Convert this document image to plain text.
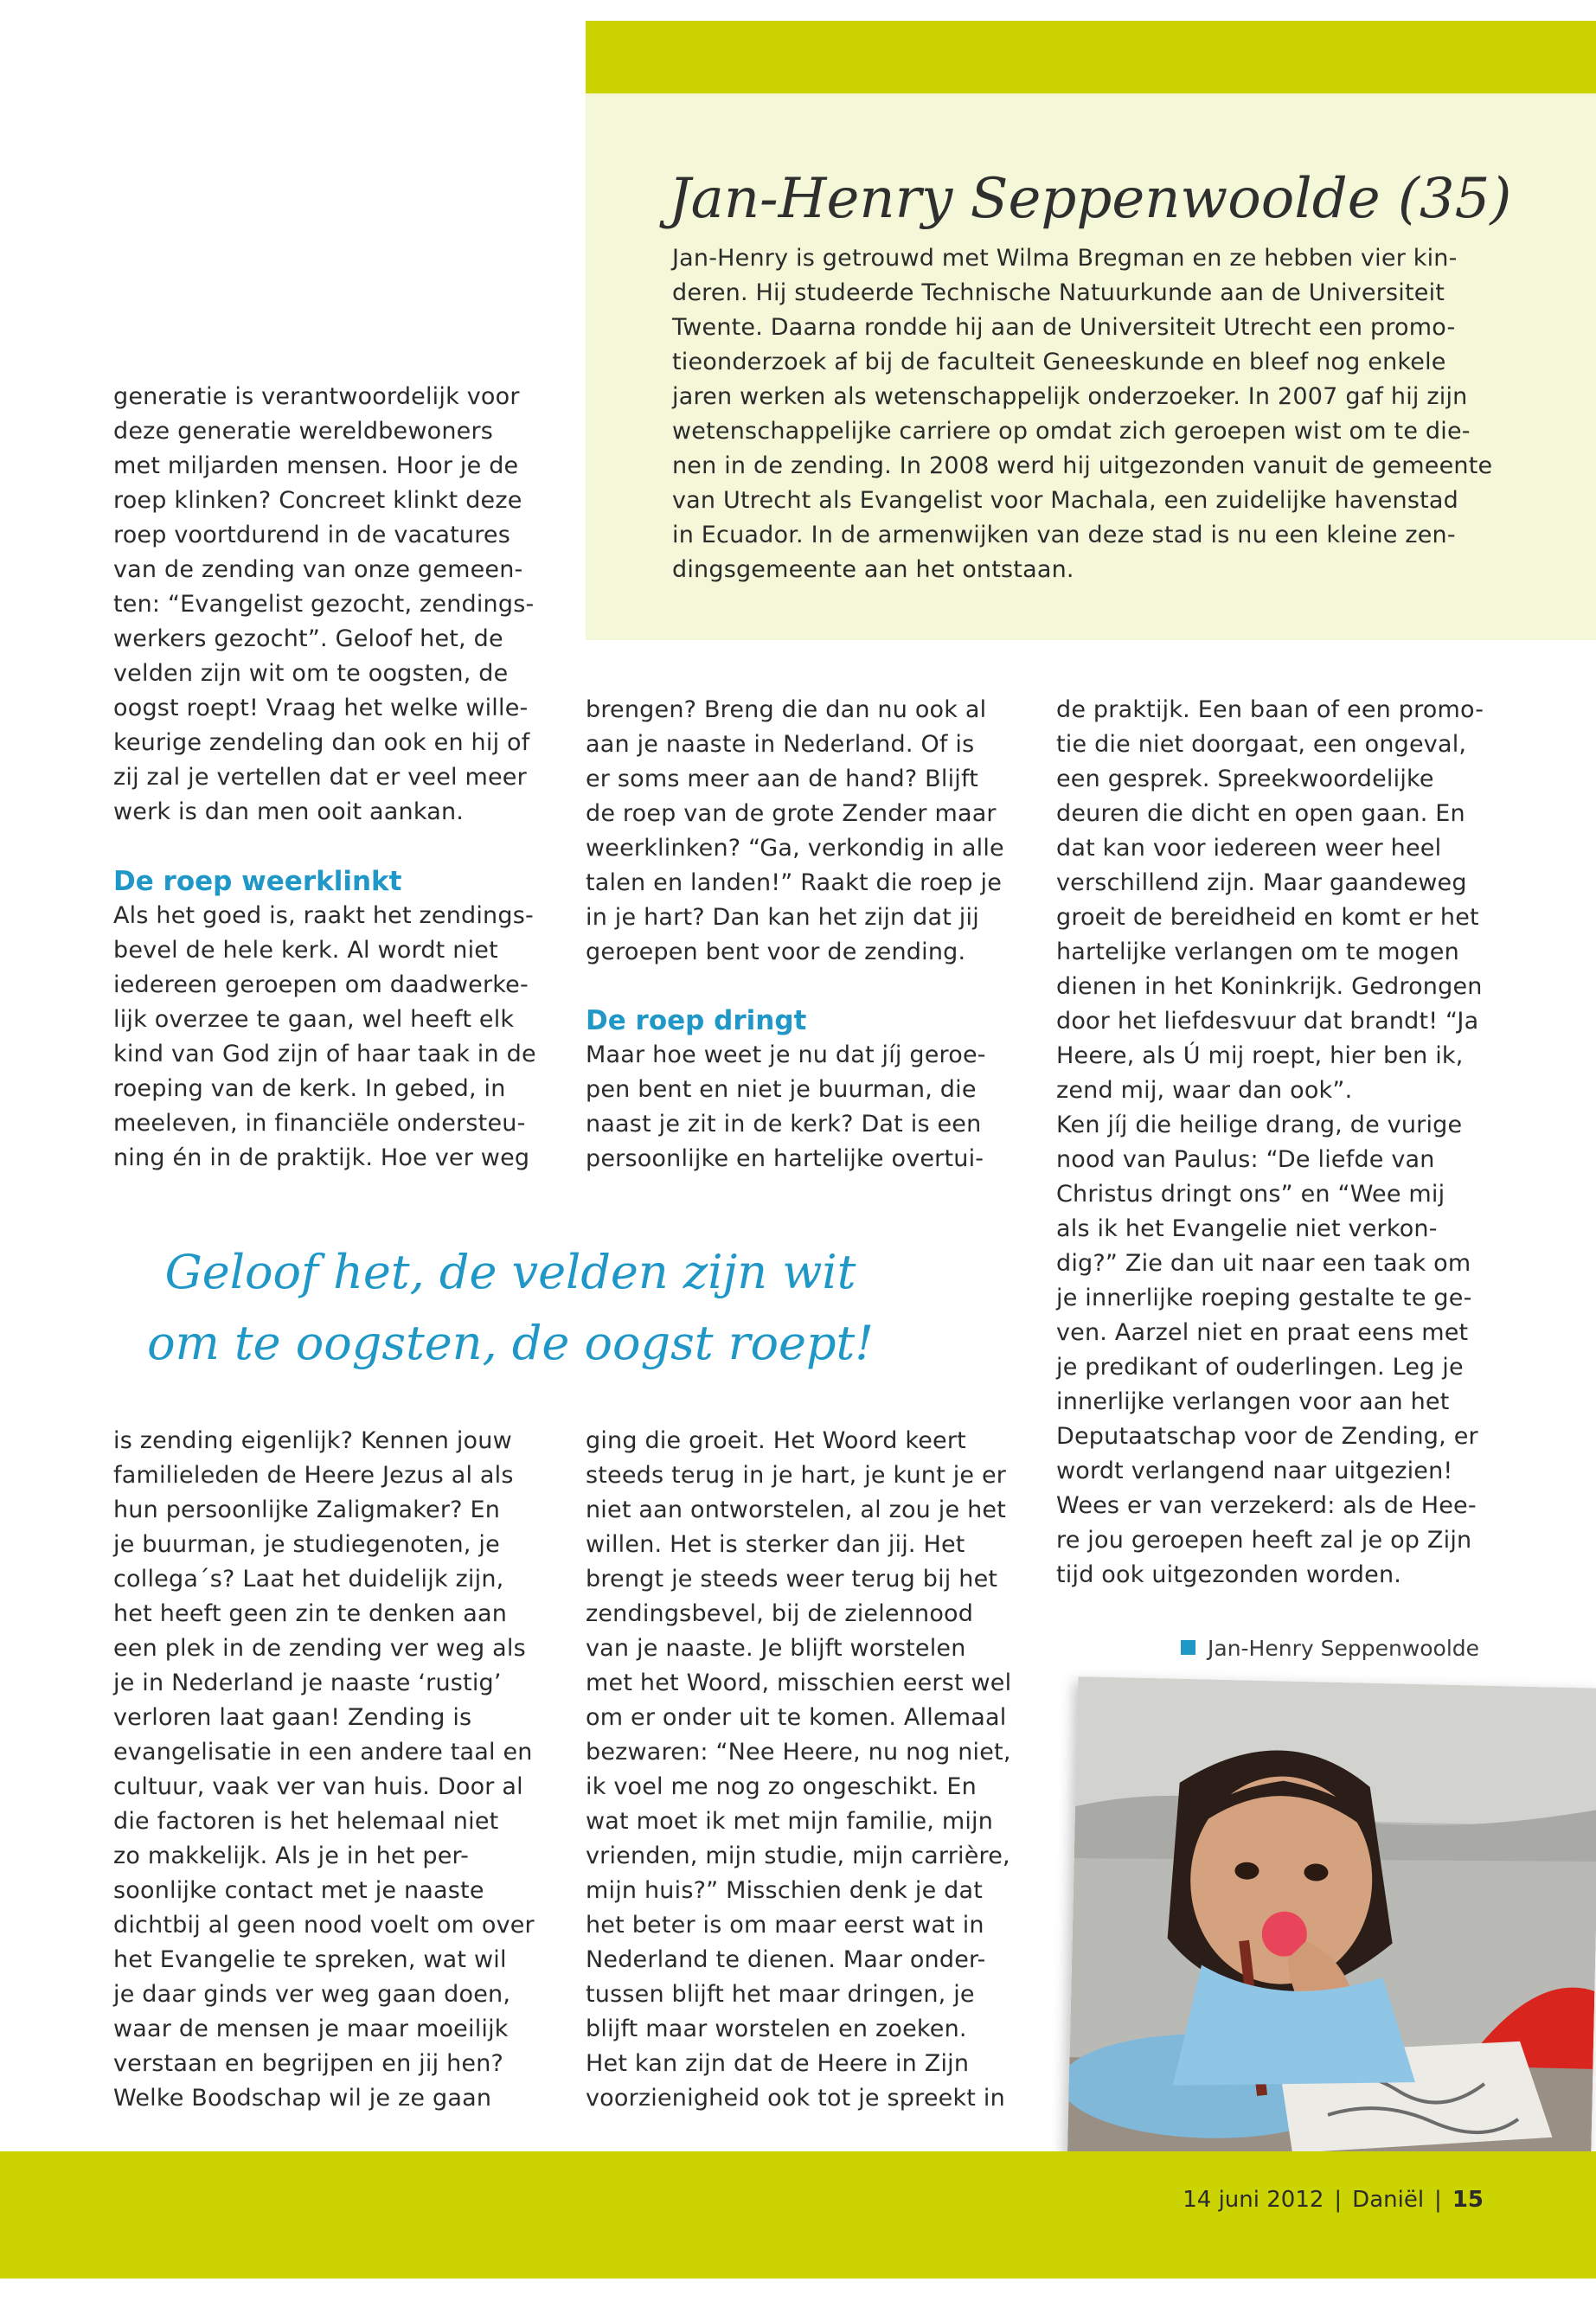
Jan-Henry Seppenwoolde (35)
Jan-Henry is getrouwd met Wilma Bregman en ze hebben vier kin-
deren. Hij studeerde Technische Natuurkunde aan de Universiteit
Twente. Daarna rondde hij aan de Universiteit Utrecht een promo-
tieonderzoek af bij de faculteit Geneeskunde en bleef nog enkele
jaren werken als wetenschappelijk onderzoeker. In 2007 gaf hij zijn
wetenschappelijke carriere op omdat zich geroepen wist om te die-
nen in de zending. In 2008 werd hij uitgezonden vanuit de gemeente
van Utrecht als Evangelist voor Machala, een zuidelijke havenstad
in Ecuador. In de armenwijken van deze stad is nu een kleine zen-
dingsgemeente aan het ontstaan.
generatie is verantwoordelijk voor
deze generatie wereldbewoners
met miljarden mensen. Hoor je de
roep klinken? Concreet klinkt deze
roep voortdurend in de vacatures
van de zending van onze gemeen-
ten: “Evangelist gezocht, zendings-
werkers gezocht”. Geloof het, de
velden zijn wit om te oogsten, de
oogst roept! Vraag het welke wille-
keurige zendeling dan ook en hij of
zij zal je vertellen dat er veel meer
werk is dan men ooit aankan.
De roep weerklinkt
Als het goed is, raakt het zendings-
bevel de hele kerk. Al wordt niet
iedereen geroepen om daadwerke-
lijk overzee te gaan, wel heeft elk
kind van God zijn of haar taak in de
roeping van de kerk. In gebed, in
meeleven, in financiële ondersteu-
ning én in de praktijk. Hoe ver weg
brengen? Breng die dan nu ook al
aan je naaste in Nederland. Of is
er soms meer aan de hand? Blijft
de roep van de grote Zender maar
weerklinken? “Ga, verkondig in alle
talen en landen!” Raakt die roep je
in je hart? Dan kan het zijn dat jij
geroepen bent voor de zending.
De roep dringt
Maar hoe weet je nu dat jíj geroe-
pen bent en niet je buurman, die
naast je zit in de kerk? Dat is een
persoonlijke en hartelijke overtui-
de praktijk. Een baan of een promo-
tie die niet doorgaat, een ongeval,
een gesprek. Spreekwoordelijke
deuren die dicht en open gaan. En
dat kan voor iedereen weer heel
verschillend zijn. Maar gaandeweg
groeit de bereidheid en komt er het
hartelijke verlangen om te mogen
dienen in het Koninkrijk. Gedrongen
door het liefdesvuur dat brandt! “Ja
Heere, als Ú mij roept, hier ben ik,
zend mij, waar dan ook”.
Ken jíj die heilige drang, de vurige
nood van Paulus: “De liefde van
Christus dringt ons” en “Wee mij
als ik het Evangelie niet verkon-
dig?” Zie dan uit naar een taak om
je innerlijke roeping gestalte te ge-
ven. Aarzel niet en praat eens met
je predikant of ouderlingen. Leg je
innerlijke verlangen voor aan het
Deputaatschap voor de Zending, er
wordt verlangend naar uitgezien!
Wees er van verzekerd: als de Hee-
re jou geroepen heeft zal je op Zijn
tijd ook uitgezonden worden.
Geloof het, de velden zijn wit
om te oogsten, de oogst roept!
is zending eigenlijk? Kennen jouw
familieleden de Heere Jezus al als
hun persoonlijke Zaligmaker? En
je buurman, je studiegenoten, je
collega´s? Laat het duidelijk zijn,
het heeft geen zin te denken aan
een plek in de zending ver weg als
je in Nederland je naaste ‘rustig’
verloren laat gaan! Zending is
evangelisatie in een andere taal en
cultuur, vaak ver van huis. Door al
die factoren is het helemaal niet
zo makkelijk. Als je in het per-
soonlijke contact met je naaste
dichtbij al geen nood voelt om over
het Evangelie te spreken, wat wil
je daar ginds ver weg gaan doen,
waar de mensen je maar moeilijk
verstaan en begrijpen en jij hen?
Welke Boodschap wil je ze gaan
ging die groeit. Het Woord keert
steeds terug in je hart, je kunt je er
niet aan ontworstelen, al zou je het
willen. Het is sterker dan jij. Het
brengt je steeds weer terug bij het
zendingsbevel, bij de zielennood
van je naaste. Je blijft worstelen
met het Woord, misschien eerst wel
om er onder uit te komen. Allemaal
bezwaren: “Nee Heere, nu nog niet,
ik voel me nog zo ongeschikt. En
wat moet ik met mijn familie, mijn
vrienden, mijn studie, mijn carrière,
mijn huis?” Misschien denk je dat
het beter is om maar eerst wat in
Nederland te dienen. Maar onder-
tussen blijft het maar dringen, je
blijft maar worstelen en zoeken.
Het kan zijn dat de Heere in Zijn
voorzienigheid ook tot je spreekt in
Jan-Henry Seppenwoolde
14 juni 2012 | Daniël | 15
